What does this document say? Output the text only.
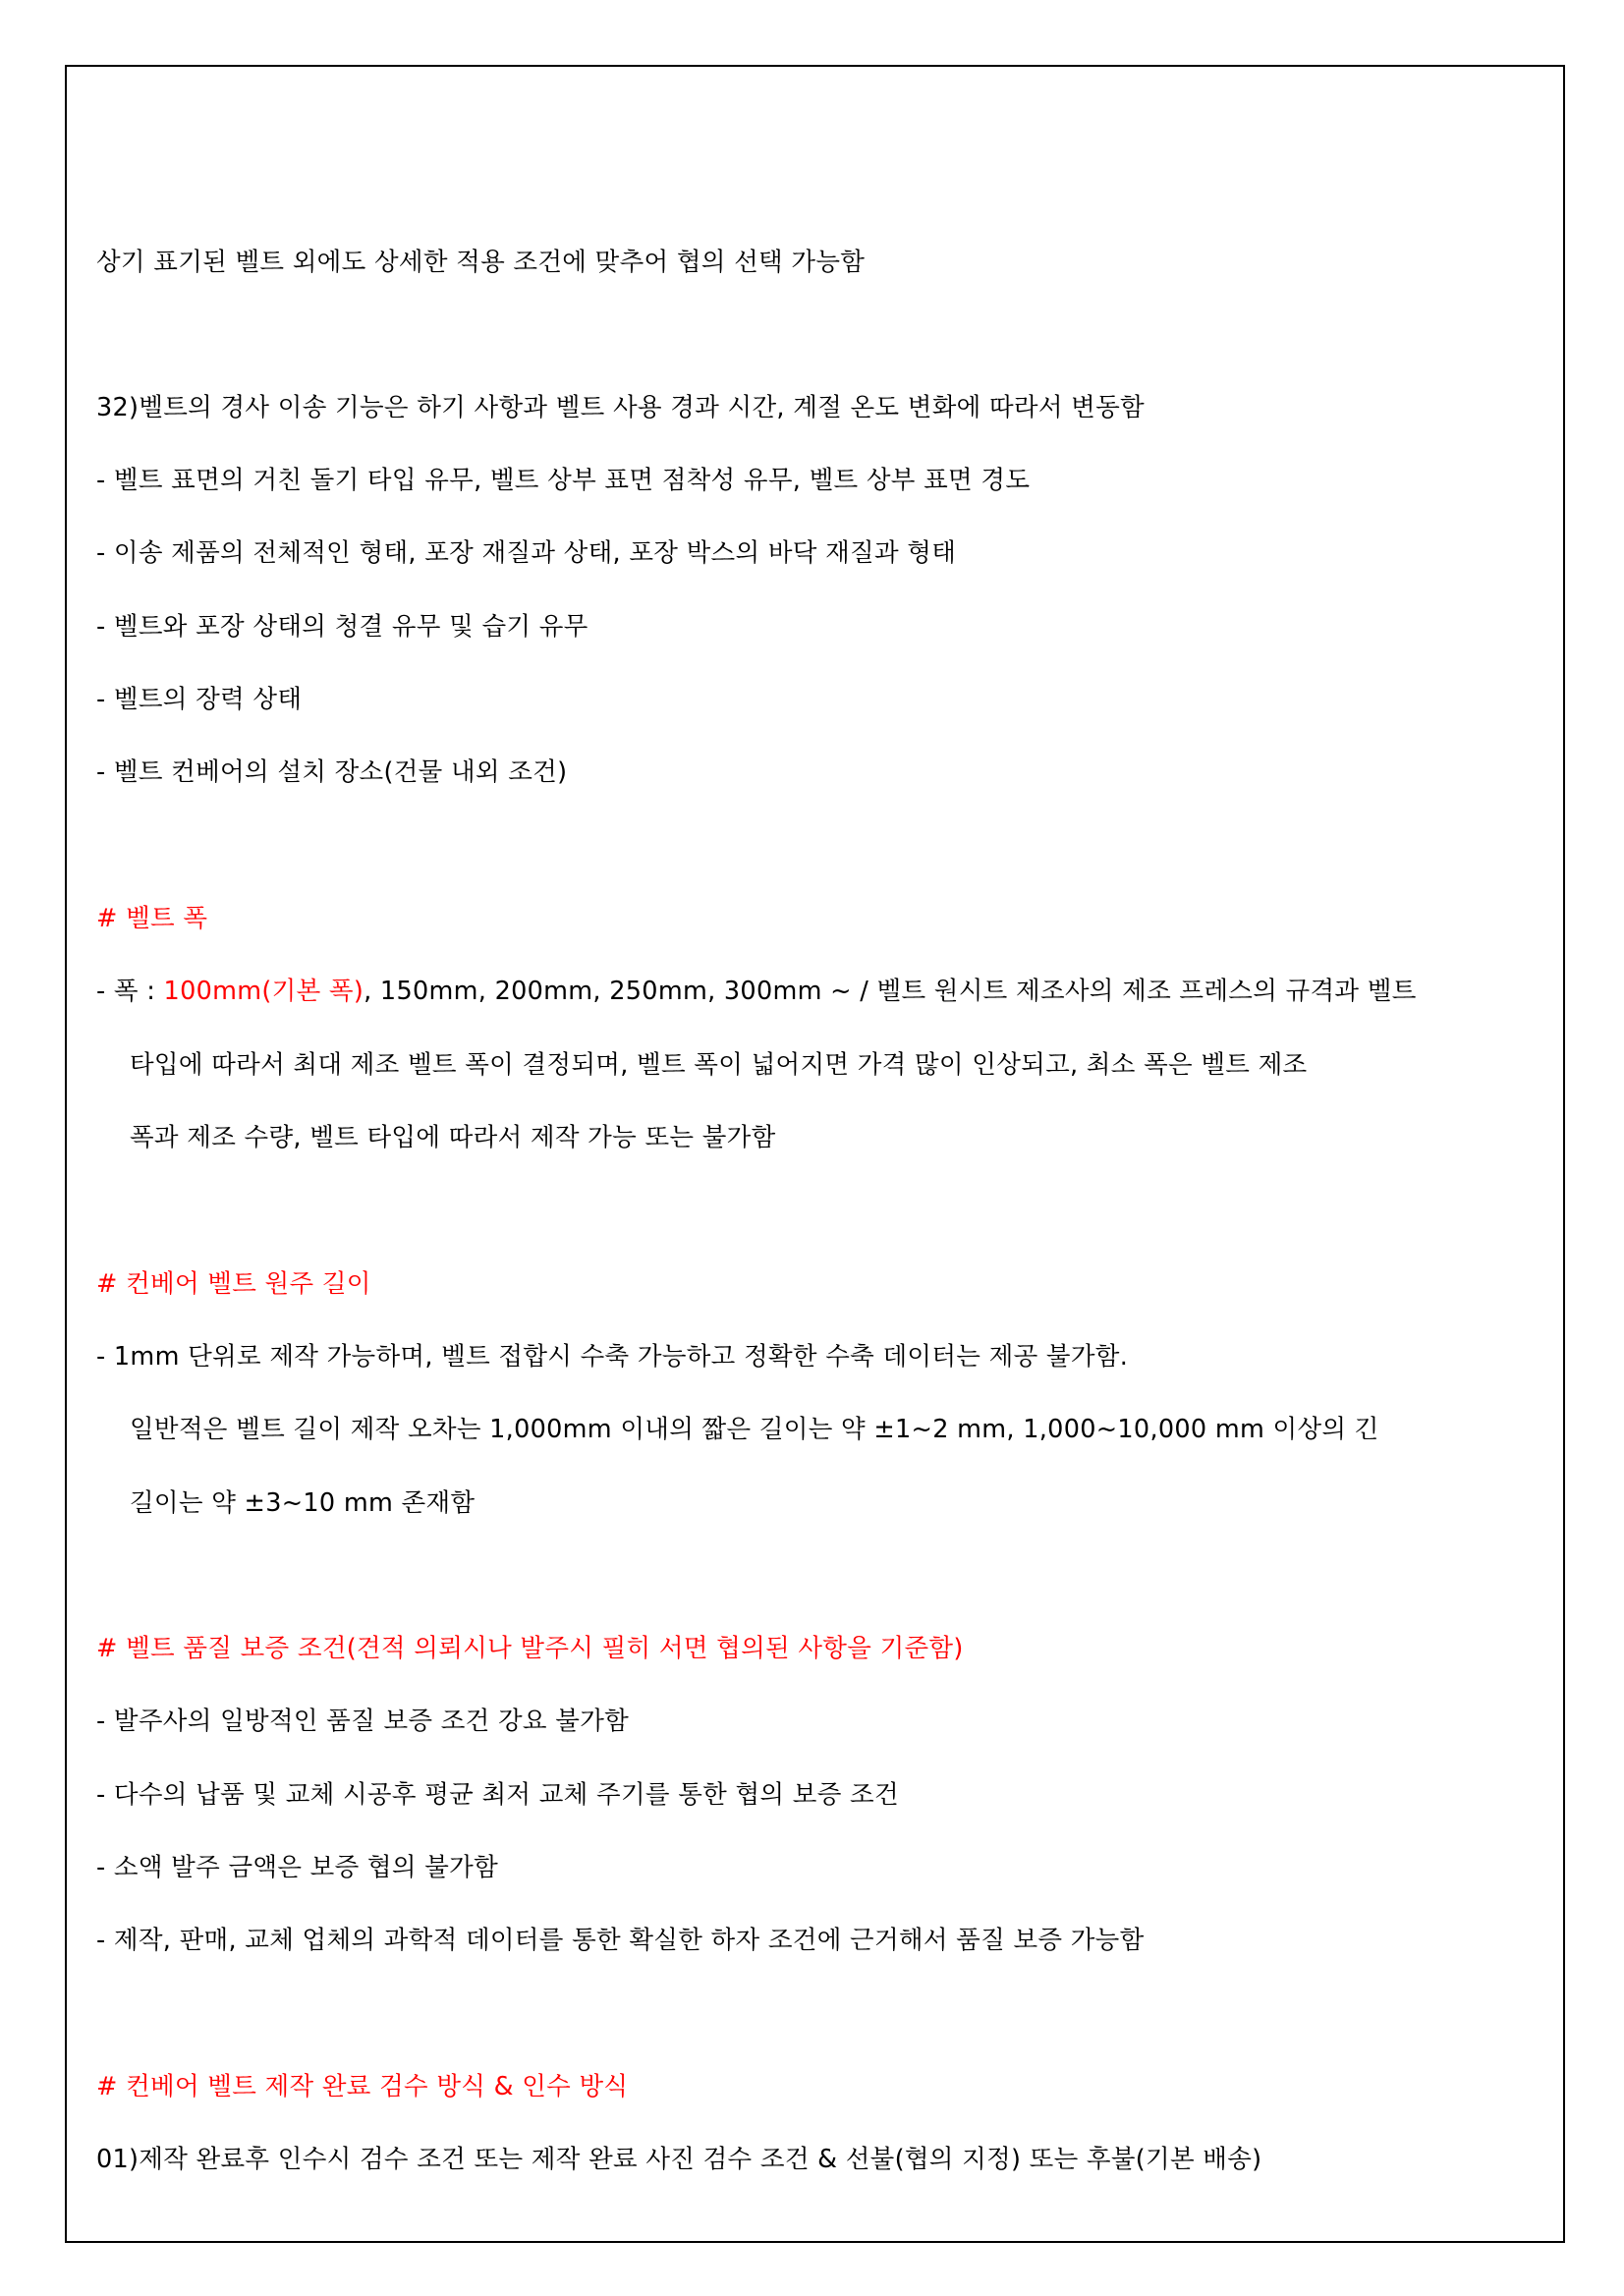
상기 표기된 벨트 외에도 상세한 적용 조건에 맞추어 협의 선택 가능함
32)벨트의 경사 이송 기능은 하기 사항과 벨트 사용 경과 시간, 계절 온도 변화에 따라서 변동함
- 벨트 표면의 거친 돌기 타입 유무, 벨트 상부 표면 점착성 유무, 벨트 상부 표면 경도
- 이송 제품의 전체적인 형태, 포장 재질과 상태, 포장 박스의 바닥 재질과 형태
- 벨트와 포장 상태의 청결 유무 및 습기 유무
- 벨트의 장력 상태
- 벨트 컨베어의 설치 장소(건물 내외 조건)
# 벨트 폭
- 폭 : 100mm(기본 폭), 150mm, 200mm, 250mm, 300mm ~ / 벨트 원시트 제조사의 제조 프레스의 규격과 벨트
타입에 따라서 최대 제조 벨트 폭이 결정되며, 벨트 폭이 넓어지면 가격 많이 인상되고, 최소 폭은 벨트 제조
폭과 제조 수량, 벨트 타입에 따라서 제작 가능 또는 불가함
# 컨베어 벨트 원주 길이
- 1mm 단위로 제작 가능하며, 벨트 접합시 수축 가능하고 정확한 수축 데이터는 제공 불가함.
일반적은 벨트 길이 제작 오차는 1,000mm 이내의 짧은 길이는 약 ±1~2 mm, 1,000~10,000 mm 이상의 긴
길이는 약 ±3~10 mm 존재함
# 벨트 품질 보증 조건(견적 의뢰시나 발주시 필히 서면 협의된 사항을 기준함)
- 발주사의 일방적인 품질 보증 조건 강요 불가함
- 다수의 납품 및 교체 시공후 평균 최저 교체 주기를 통한 협의 보증 조건
- 소액 발주 금액은 보증 협의 불가함
- 제작, 판매, 교체 업체의 과학적 데이터를 통한 확실한 하자 조건에 근거해서 품질 보증 가능함
# 컨베어 벨트 제작 완료 검수 방식 & 인수 방식
01)제작 완료후 인수시 검수 조건 또는 제작 완료 사진 검수 조건 & 선불(협의 지정) 또는 후불(기본 배송)
